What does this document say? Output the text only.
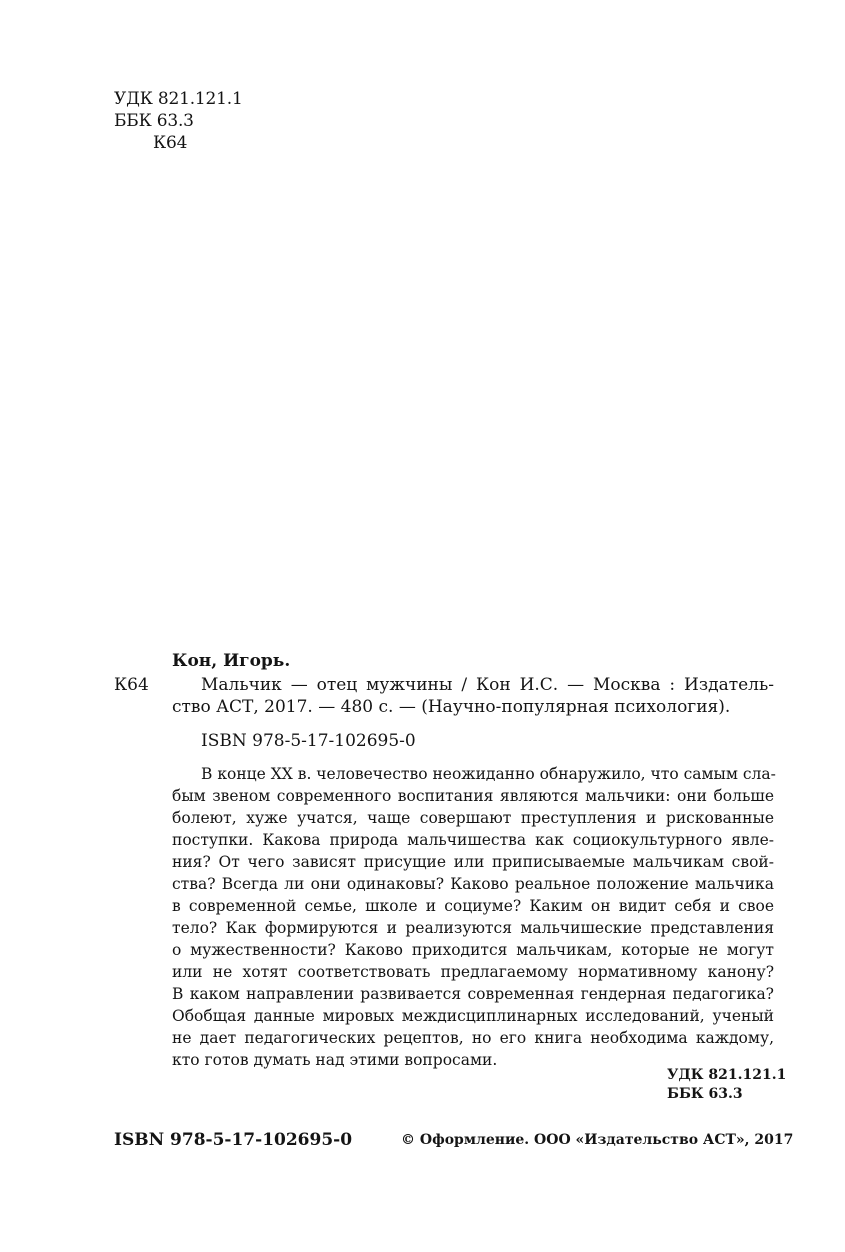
УДК 821.121.1
ББК 63.3
К64
Кон, Игорь.
К64	Мальчик — отец мужчины / Кон И.С. — Москва : Издатель-
ство АСТ, 2017. — 480 с. — (Научно-популярная психология).
ISBN 978-5-17-102695-0
В конце ХХ в. человечество неожиданно обнаружило, что самым сла-
бым звеном современного воспитания являются мальчики: они больше
болеют, хуже учатся, чаще совершают преступления и рискованные
поступки. Какова природа мальчишества как социокультурного явле-
ния? От чего зависят присущие или приписываемые мальчикам свой-
ства? Всегда ли они одинаковы? Каково реальное положение мальчика
в современной семье, школе и социуме? Каким он видит себя и свое
тело? Как формируются и реализуются мальчишеские представления
о мужественности? Каково приходится мальчикам, которые не могут
или не хотят соответствовать предлагаемому нормативному канону?
В каком направлении развивается современная гендерная педагогика?
Обобщая данные мировых междисциплинарных исследований, ученый
не дает педагогических рецептов, но его книга необходима каждому,
кто готов думать над этими вопросами.
УДК 821.121.1
ББК 63.3
ISBN 978-5-17-102695-0	© Оформление. ООО «Издательство АСТ», 2017
